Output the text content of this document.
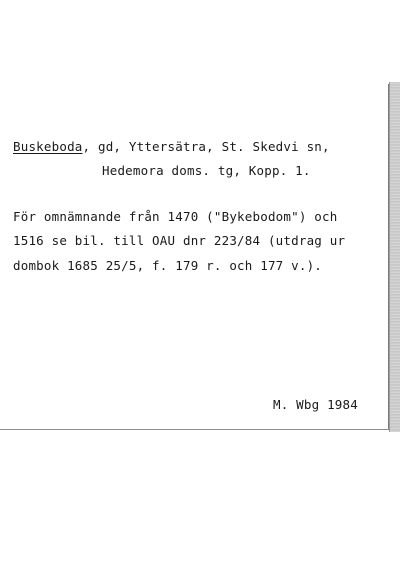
Buskeboda, gd, Yttersätra, St. Skedvi sn,
Hedemora doms. tg, Kopp. 1.
För omnämnande från 1470 ("Bykebodom") och
1516 se bil. till OAU dnr 223/84 (utdrag ur
dombok 1685 25/5, f. 179 r. och 177 v.).
M. Wbg 1984
